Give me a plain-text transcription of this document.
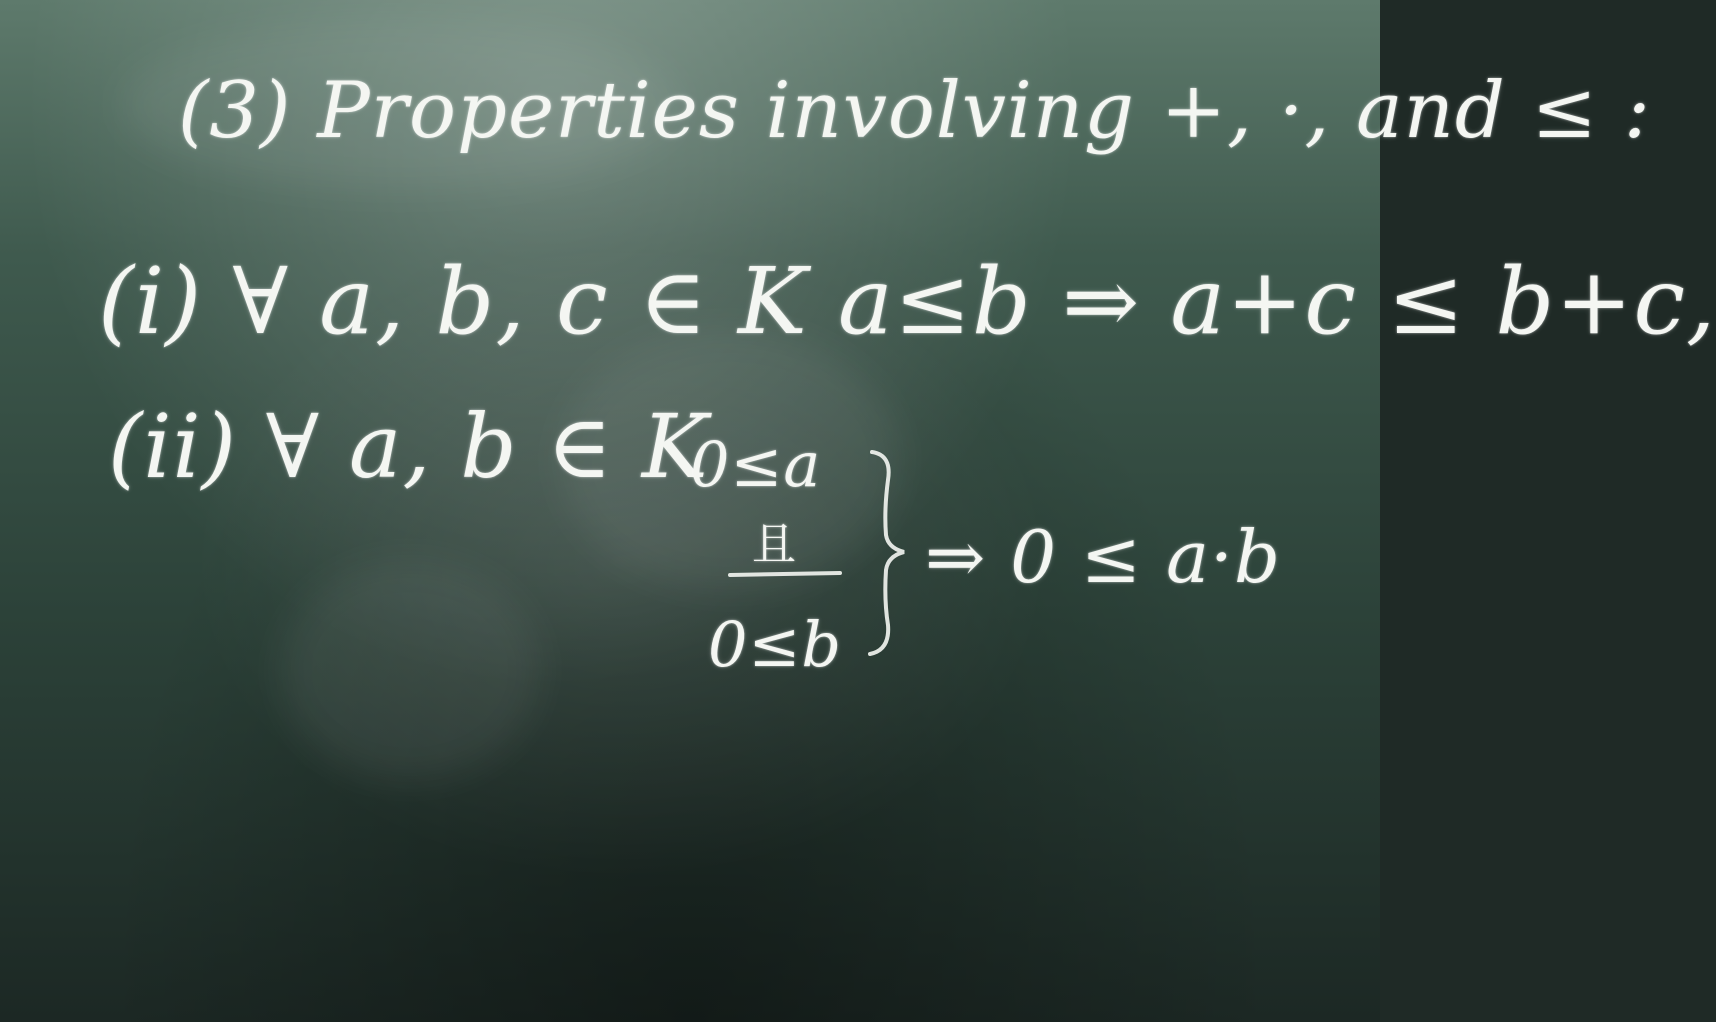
(3) Properties involving +, ·, and ≤ :
(i) ∀ a, b, c ∈ K a≤b ⇒ a+c ≤ b+c,
(ii) ∀ a, b ∈ K
0≤a
且
0≤b
⇒ 0 ≤ a·b
